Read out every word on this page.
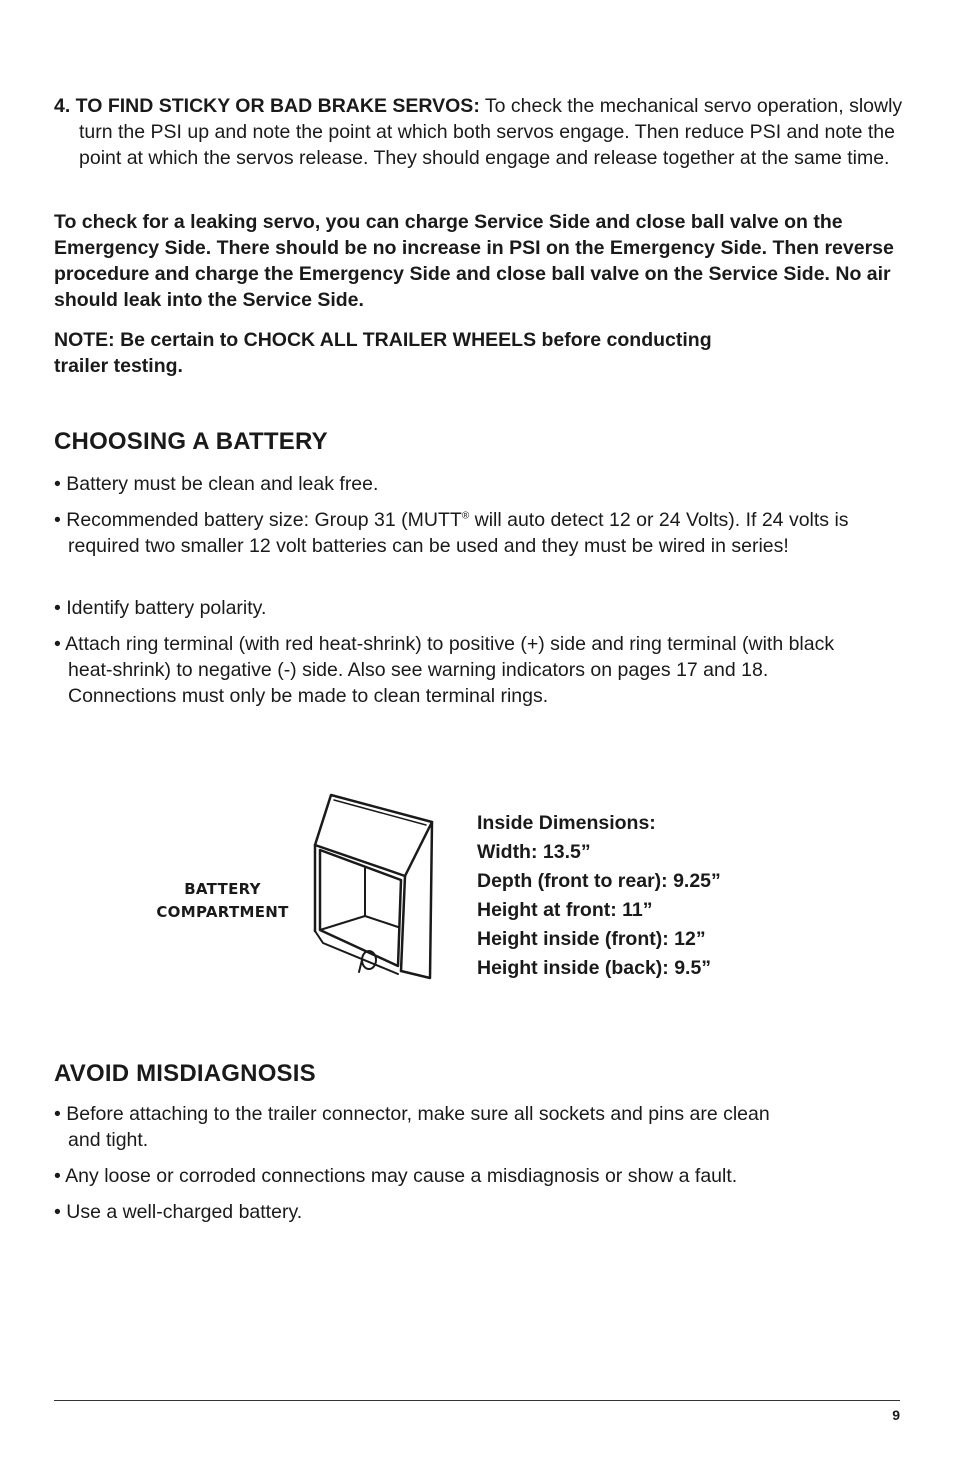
4. TO FIND STICKY OR BAD BRAKE SERVOS: To check the mechanical servo operation, slowly turn the PSI up and note the point at which both servos engage. Then reduce PSI and note the point at which the servos release. They should engage and release together at the same time.

To check for a leaking servo, you can charge Service Side and close ball valve on the Emergency Side. There should be no increase in PSI on the Emergency Side. Then reverse procedure and charge the Emergency Side and close ball valve on the Service Side. No air should leak into the Service Side.

NOTE: Be certain to CHOCK ALL TRAILER WHEELS before conducting
trailer testing.

CHOOSING A BATTERY

• Battery must be clean and leak free.

• Recommended battery size: Group 31 (MUTT® will auto detect 12 or 24 Volts). If 24 volts is required two smaller 12 volt batteries can be used and they must be wired in series!

• Identify battery polarity.

• Attach ring terminal (with red heat-shrink) to positive (+) side and ring terminal (with black heat-shrink) to negative (-) side. Also see warning indicators on pages 17 and 18. Connections must only be made to clean terminal rings.

BATTERY
COMPARTMENT
Inside Dimensions:
Width: 13.5”
Depth (front to rear): 9.25”
Height at front: 11”
Height inside (front): 12”
Height inside (back): 9.5”
AVOID MISDIAGNOSIS

• Before attaching to the trailer connector, make sure all sockets and pins are clean and tight.

• Any loose or corroded connections may cause a misdiagnosis or show a fault.

• Use a well-charged battery.

9
